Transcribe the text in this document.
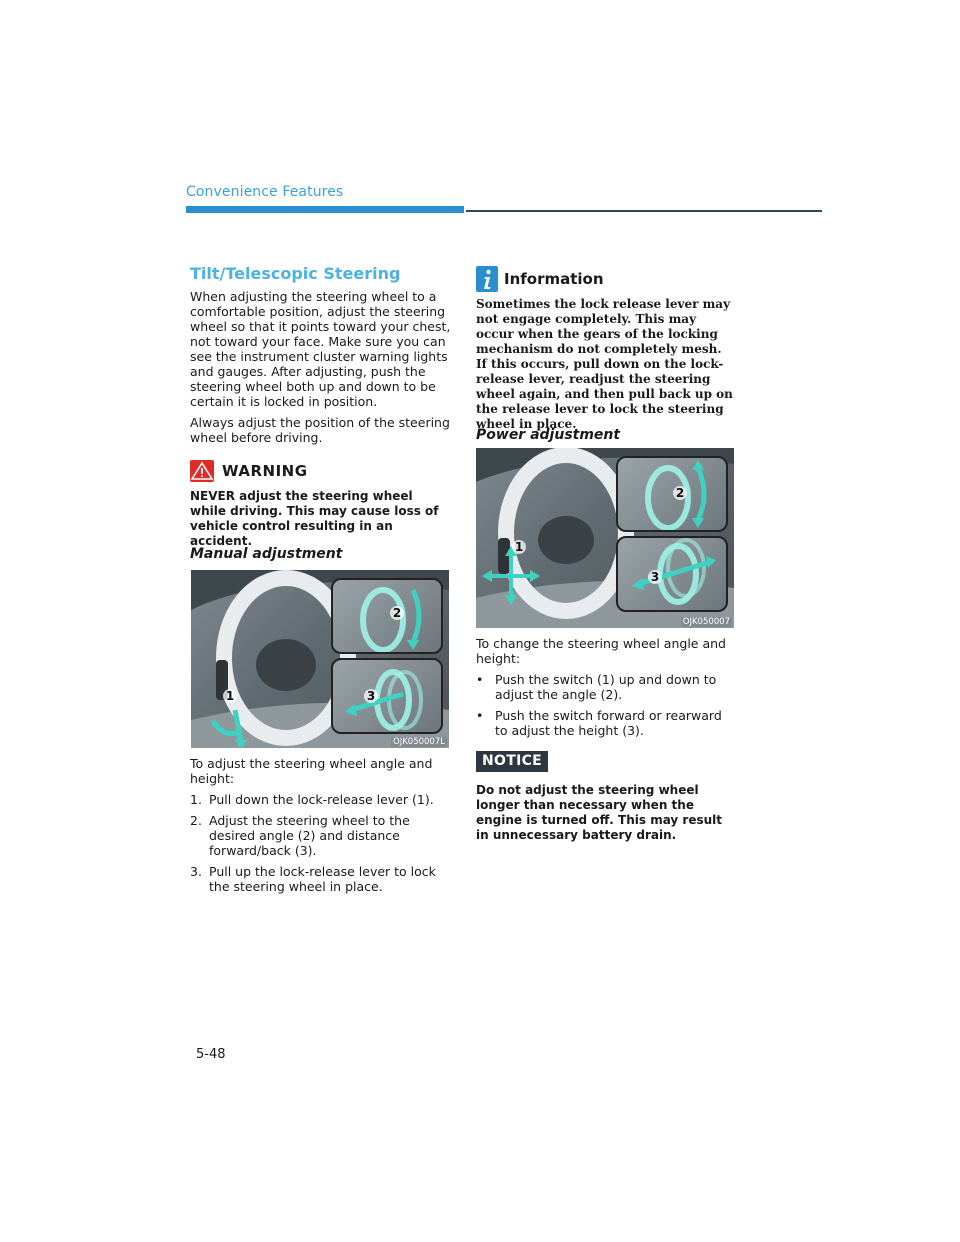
Convenience Features
Tilt/Telescopic Steering

When adjusting the steering wheel to a comfortable position, adjust the steering wheel so that it points toward your chest, not toward your face. Make sure you can see the instrument cluster warning lights and gauges. After adjusting, push the steering wheel both up and down to be certain it is locked in position.

Always adjust the position of the steering wheel before driving.

WARNING

NEVER adjust the steering wheel while driving. This may cause loss of vehicle control resulting in an accident.

Manual adjustment
1
2
3
OJK050007L

To adjust the steering wheel angle and height:

1. Pull down the lock-release lever (1).
2. Adjust the steering wheel to the desired angle (2) and distance forward/back (3).
3. Pull up the lock-release lever to lock the steering wheel in place.
Information

Sometimes the lock release lever may not engage completely. This may occur when the gears of the locking mechanism do not completely mesh. If this occurs, pull down on the lock-release lever, readjust the steering wheel again, and then pull back up on the release lever to lock the steering wheel in place.

Power adjustment
1
2
3
OJK050007

To change the steering wheel angle and height:

• Push the switch (1) up and down to adjust the angle (2).
• Push the switch forward or rearward to adjust the height (3).
NOTICE

Do not adjust the steering wheel longer than necessary when the engine is turned off. This may result in unnecessary battery drain.

5-48
